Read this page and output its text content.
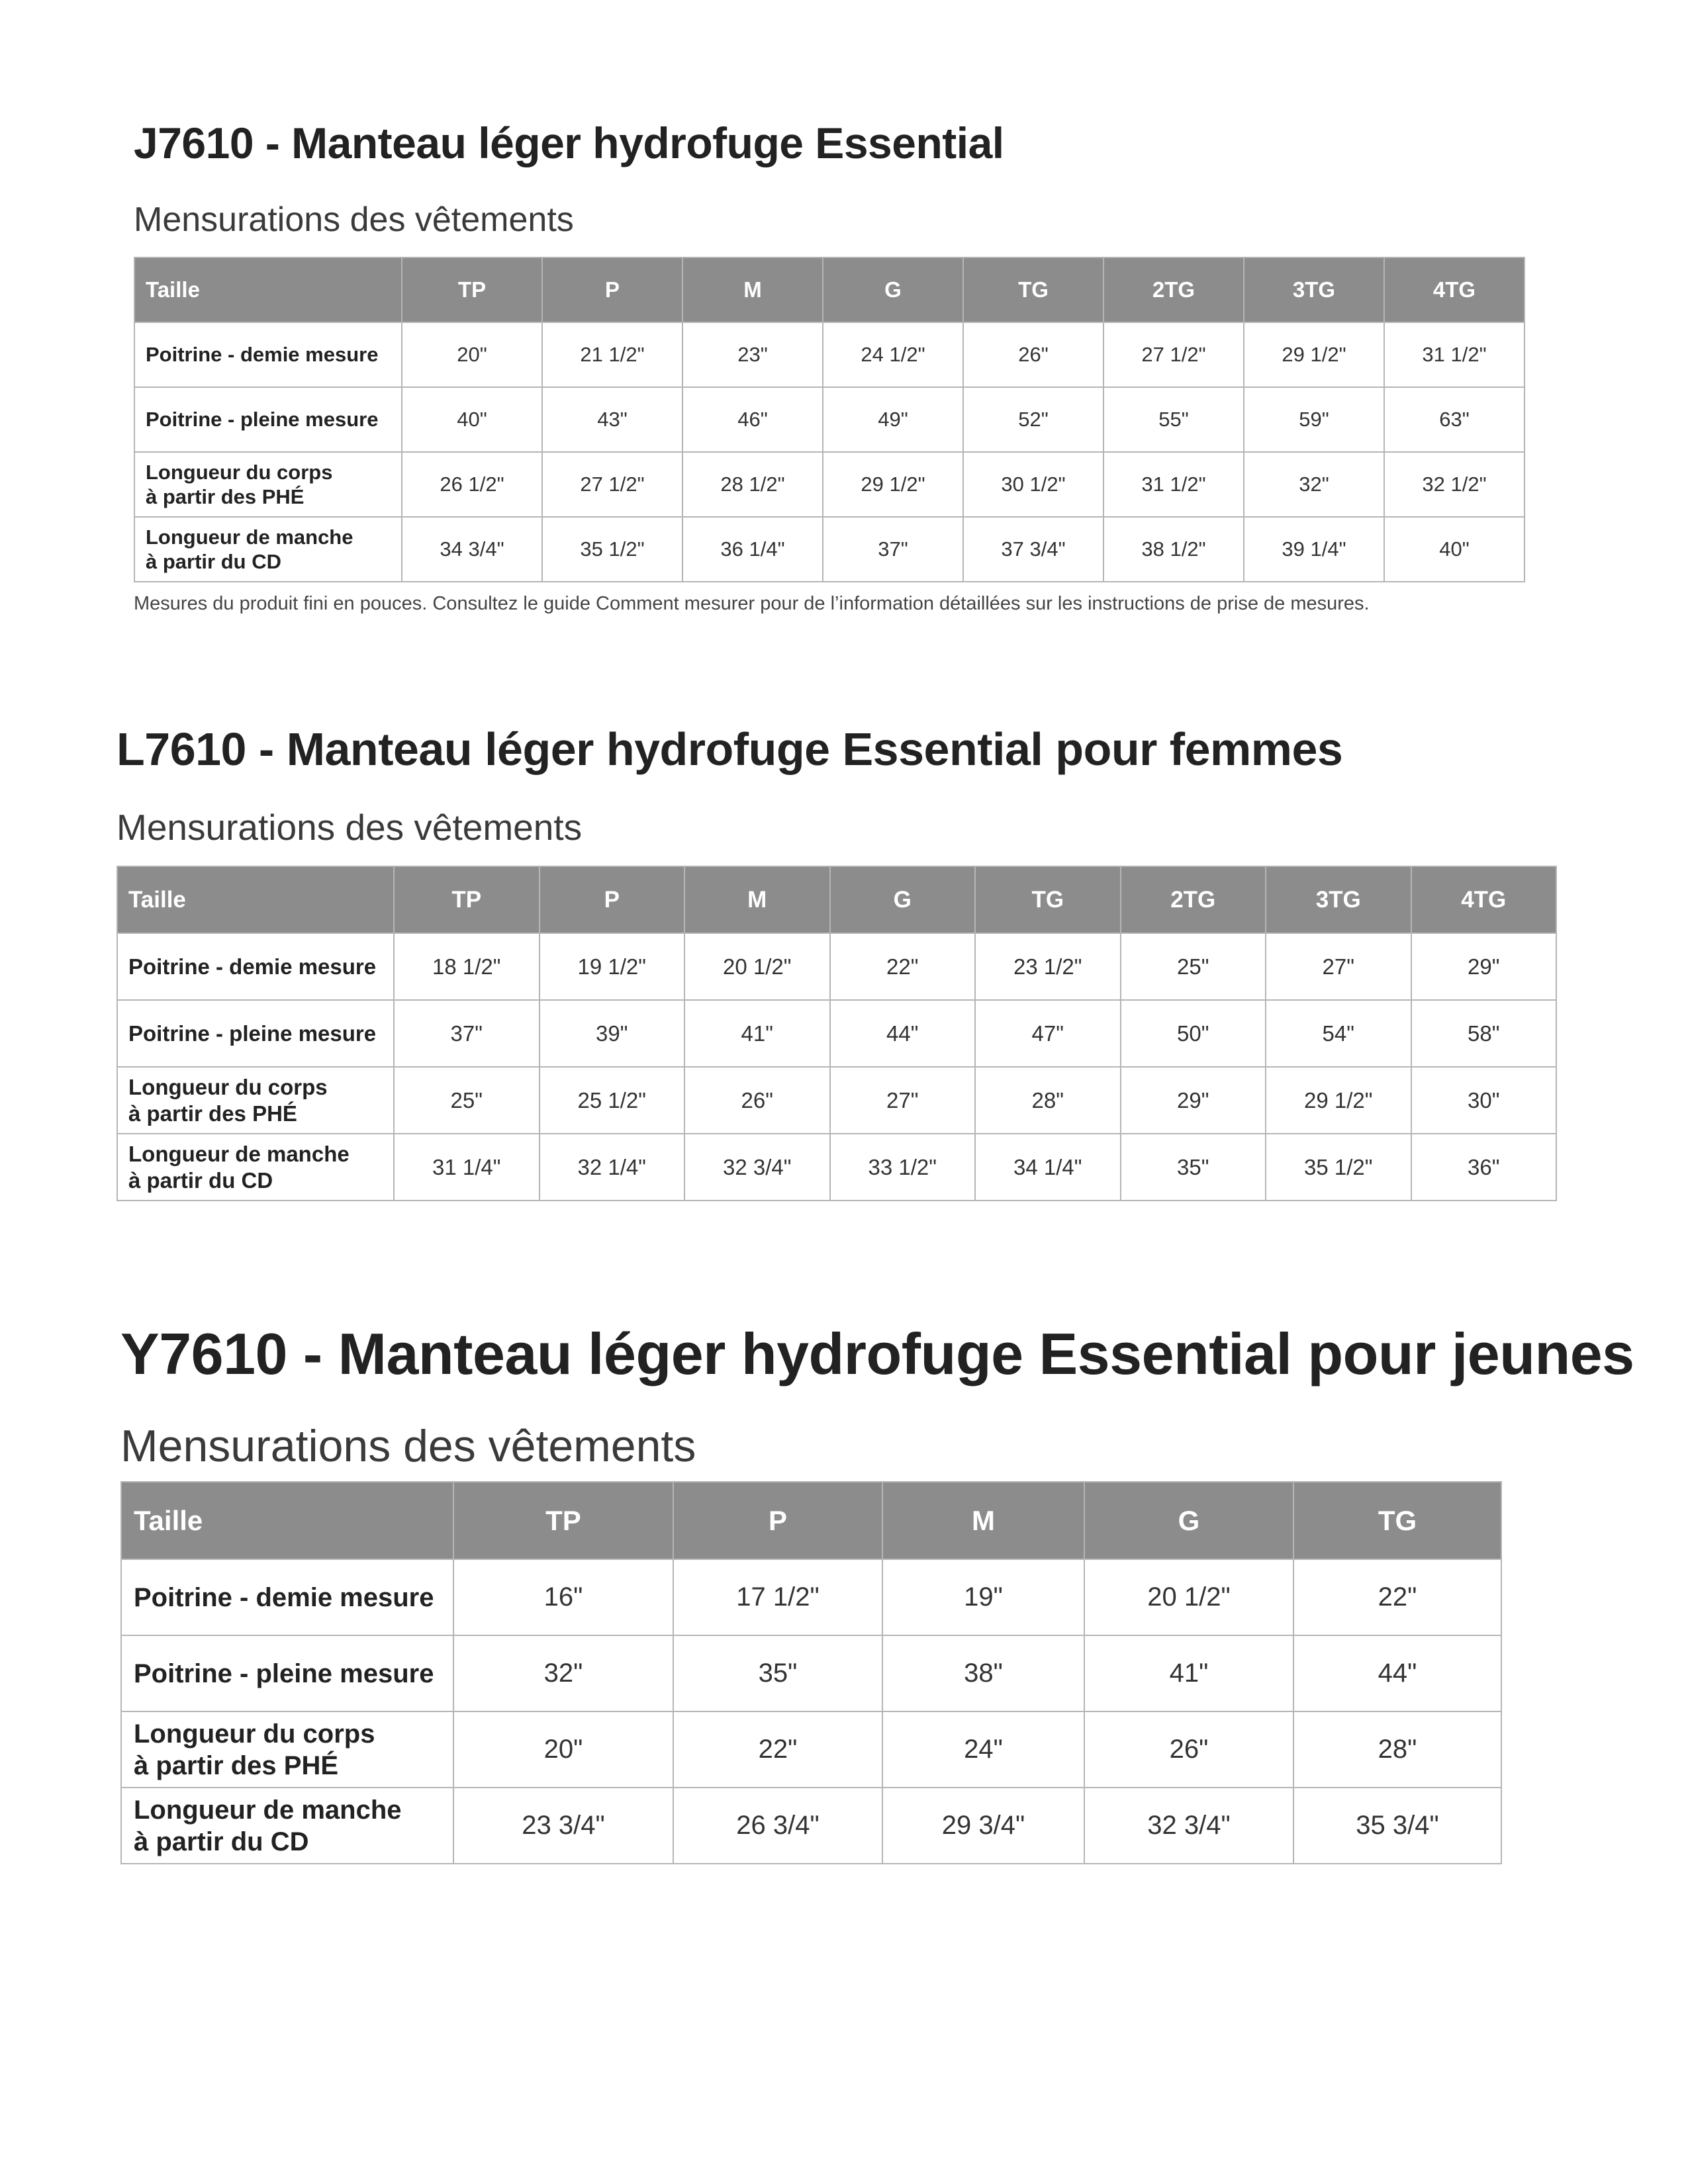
J7610 - Manteau léger hydrofuge Essential
Mensurations des vêtements
Taille	TP	P	M	G	TG	2TG	3TG	4TG
Poitrine - demie mesure	20"	21 1/2"	23"	24 1/2"	26"	27 1/2"	29 1/2"	31 1/2"
Poitrine - pleine mesure	40"	43"	46"	49"	52"	55"	59"	63"
Longueur du corps
à partir des PHÉ	26 1/2"	27 1/2"	28 1/2"	29 1/2"	30 1/2"	31 1/2"	32"	32 1/2"
Longueur de manche
à partir du CD	34 3/4"	35 1/2"	36 1/4"	37"	37 3/4"	38 1/2"	39 1/4"	40"

Mesures du produit fini en pouces. Consultez le guide Comment mesurer pour de l’information détaillées sur les instructions de prise de mesures.

L7610 - Manteau léger hydrofuge Essential pour femmes
Mensurations des vêtements
Taille	TP	P	M	G	TG	2TG	3TG	4TG
Poitrine - demie mesure	18 1/2"	19 1/2"	20 1/2"	22"	23 1/2"	25"	27"	29"
Poitrine - pleine mesure	37"	39"	41"	44"	47"	50"	54"	58"
Longueur du corps
à partir des PHÉ	25"	25 1/2"	26"	27"	28"	29"	29 1/2"	30"
Longueur de manche
à partir du CD	31 1/4"	32 1/4"	32 3/4"	33 1/2"	34 1/4"	35"	35 1/2"	36"
Y7610 - Manteau léger hydrofuge Essential pour jeunes
Mensurations des vêtements
Taille	TP	P	M	G	TG
Poitrine - demie mesure	16"	17 1/2"	19"	20 1/2"	22"
Poitrine - pleine mesure	32"	35"	38"	41"	44"
Longueur du corps
à partir des PHÉ	20"	22"	24"	26"	28"
Longueur de manche
à partir du CD	23 3/4"	26 3/4"	29 3/4"	32 3/4"	35 3/4"
